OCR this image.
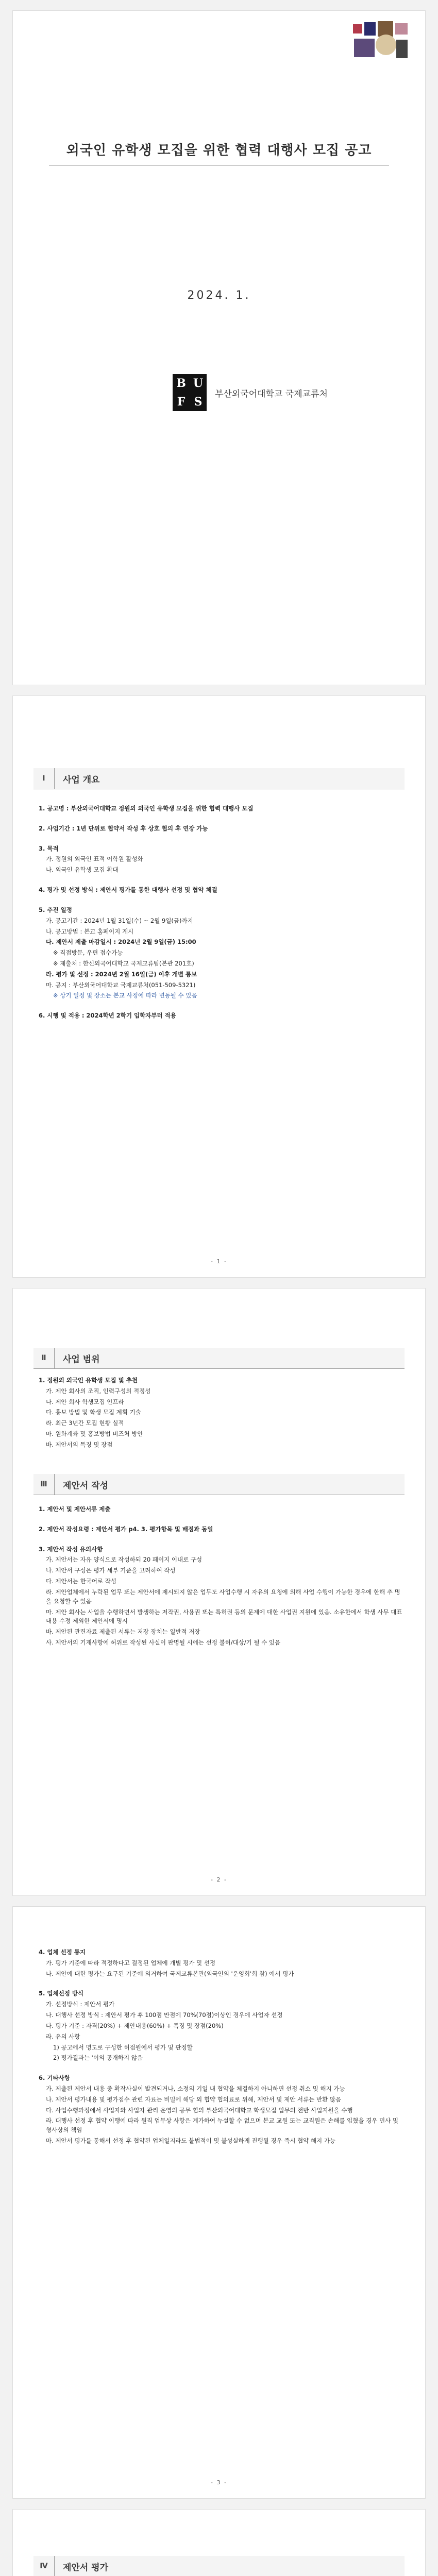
외국인 유학생 모집을 위한 협력 대행사 모집 공고
2024. 1.
B U
F S
부산외국어대학교 국제교류처
Ⅰ	사업 개요

1. 공고명 : 부산외국어대학교 정원외 외국인 유학생 모집을 위한 협력 대행사 모집

2. 사업기간 : 1년 단위로 협약서 작성 후 상호 협의 후 연장 가능

3. 목적

가. 정원외 외국인 표적 어학원 활성화

나. 외국인 유학생 모집 확대

4. 평가 및 선정 방식 : 제안서 평가를 통한 대행사 선정 및 협약 체결

5. 추진 일정

가. 공고기간 : 2024년 1월 31일(수) ~ 2월 9일(금)까지

나. 공고방법 : 본교 홈페이지 게시

다. 제안서 제출 마감일시 : 2024년 2월 9일(금) 15:00

※ 직접방문, 우편 접수가능

※ 제출처 : 한신외국어대학교 국제교류팀(본관 201호)

라. 평가 및 선정 : 2024년 2월 16일(금) 이후 개별 통보

마. 공지 : 부산외국어대학교 국제교류처(051-509-5321)

※ 상기 일정 및 장소는 본교 사정에 따라 변동될 수 있음

6. 시행 및 적용 : 2024학년 2학기 입학자부터 적용

- 1 -
Ⅱ	사업 범위

1. 정원외 외국인 유학생 모집 및 추천

가. 제안 회사의 조직, 인력구성의 적정성

나. 제안 회사 학생모집 인프라

다. 홍보 방법 및 학생 모집 계획 기술

라. 최근 3년간 모집 현황 실적

마. 원화계좌 및 홍보방법 비즈처 방안

바. 제안서의 특징 및 장점

Ⅲ	제안서 작성

1. 제안서 및 제안서류 제출

2. 제안서 작성요령 : 제안서 평가 p4. 3. 평가항목 및 배점과 동일

3. 제안서 작성 유의사항

가. 제안서는 자유 양식으로 작성하되 20 페이지 이내로 구성

나. 제안서 구성은 평가 세부 기준을 고려하여 작성

다. 제안서는 한국어로 작성

라. 제안업체에서 누락된 업무 또는 제안서에 제시되지 않은 업무도 사업수행 시 자유의 요청에 의해 사업 수행이 가능한 경우에 한해 추 명을 요청할 수 있음

마. 제안 회사는 사업을 수행하면서 발생하는 저작권, 사용권 또는 특허권 등의 문제에 대한 사업권 지원에 있음. 소유한에서 학생 사무 대표 내용 수정 제외한 제안서에 명시

바. 제안된 관련자료 제출된 서류는 저장 장치는 일반적 저장

사. 제안서의 기재사항에 허위로 작성된 사실이 판명될 시에는 선정 불허/대상/기 될 수 있음

- 2 -

4. 업체 선정 통지

가. 평가 기준에 따라 적정하다고 결정된 업체에 개별 평가 및 선정

나. 제안에 대한 평가는 요구된 기준에 의거하여 국제교류본관(외국인의 '운영회'회 참) 에서 평가

5. 업체선정 방식

가. 선정방식 : 제안서 평가

나. 대행사 선정 방식 : 제안서 평가 후 100점 만점에 70%(70점)이상인 경우에 사업자 선정

다. 평가 기준 : 자격(20%) + 제안내용(60%) + 특징 및 장점(20%)

라. 유의 사항

1) 공고에서 명도로 구성한 허점원에서 평가 및 판정할

2) 평가결과는 '이의 공개하지 않음

6. 기타사항

가. 제출된 제안서 내용 중 확작사실이 발견되거나, 소정의 기일 내 협약을 체결하지 아니하면 선정 취소 및 해지 가능

나. 제안서 평가내용 및 평가점수 관련 자료는 비밀에 해당 외 협약 협의료로 위해, 제안서 및 제안 서류는 반환 않음

다. 사업수행과정에서 사업자와 사업자 관리 운영의 공무 협의 부산외국어대학교 학생모집 업무의 전반 사업지원을 수행

라. 대행사 선정 후 협약 이행에 따라 원직 업무상 사항은 계가하여 누설할 수 없으며 본교 교원 또는 교직원은 손해를 입혔을 경우 민사 및 형사상의 책임

마. 제안서 평가를 통해서 선정 후 협약된 업체일지라도 불법적이 및 불성실하게 진행될 경우 즉시 협약 해지 가능

- 3 -
Ⅳ	제안서 평가
